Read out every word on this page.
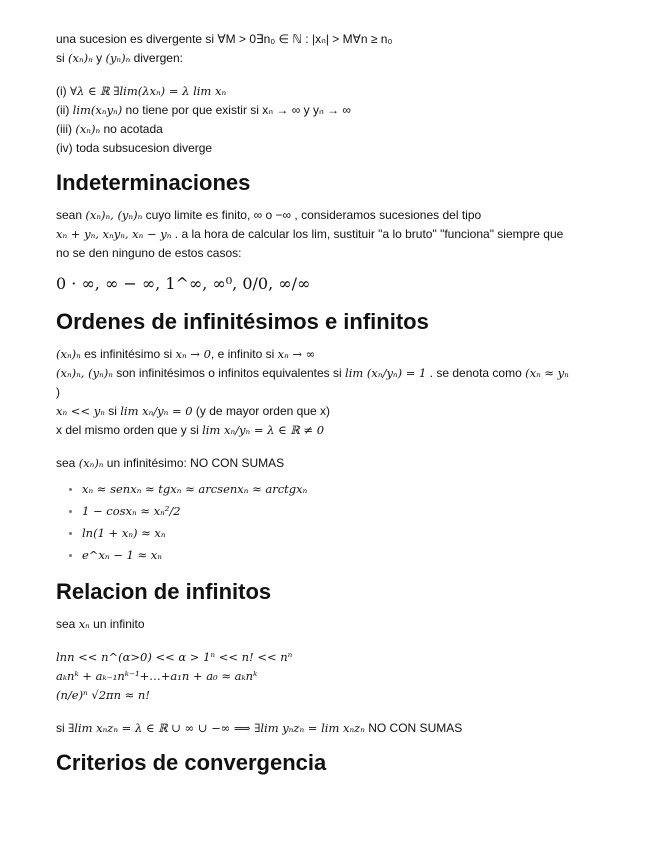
una sucesion es divergente si ∀M > 0∃n₀ ∈ ℕ : |xₙ| > M∀n ≥ n₀

si (xₙ)ₙ y (yₙ)ₙ divergen:

(i) ∀λ ∈ ℝ ∃lim(λxₙ) = λ lim xₙ

(ii) lim(xₙyₙ) no tiene por que existir si xₙ → ∞ y yₙ → ∞

(iii) (xₙ)ₙ no acotada

(iv) toda subsucesion diverge

Indeterminaciones

sean (xₙ)ₙ, (yₙ)ₙ cuyo limite es finito, ∞ o −∞ , consideramos sucesiones del tipo

xₙ + yₙ, xₙyₙ, xₙ − yₙ . a la hora de calcular los lim, sustituir "a lo bruto" "funciona" siempre que

no se den ninguno de estos casos:

0 · ∞, ∞ − ∞, 1^∞, ∞⁰, 0/0, ∞/∞

Ordenes de infinitésimos e infinitos

(xₙ)ₙ es infinitésimo si xₙ → 0, e infinito si xₙ → ∞

(xₙ)ₙ, (yₙ)ₙ son infinitésimos o infinitos equivalentes si lim (xₙ/yₙ) = 1 . se denota como (xₙ ≈ yₙ

)

xₙ << yₙ si lim xₙ/yₙ = 0 (y de mayor orden que x)

x del mismo orden que y si lim xₙ/yₙ = λ ∈ ℝ ≠ 0

sea (xₙ)ₙ un infinitésimo: NO CON SUMAS

• xₙ ≈ senxₙ ≈ tgxₙ ≈ arcsenxₙ ≈ arctgxₙ
• 1 − cosxₙ ≈ xₙ²/2
• ln(1 + xₙ) ≈ xₙ
• e^xₙ − 1 ≈ xₙ
Relacion de infinitos

sea xₙ un infinito

lnn << n^(α>0) << α > 1ⁿ << n! << nⁿ

aₖnᵏ + aₖ₋₁nᵏ⁻¹+…+a₁n + a₀ ≈ aₖnᵏ

(n/e)ⁿ √2πn ≈ n!

si ∃lim xₙzₙ = λ ∈ ℝ ∪ ∞ ∪ −∞ ⟹ ∃lim yₙzₙ = lim xₙzₙ NO CON SUMAS

Criterios de convergencia
